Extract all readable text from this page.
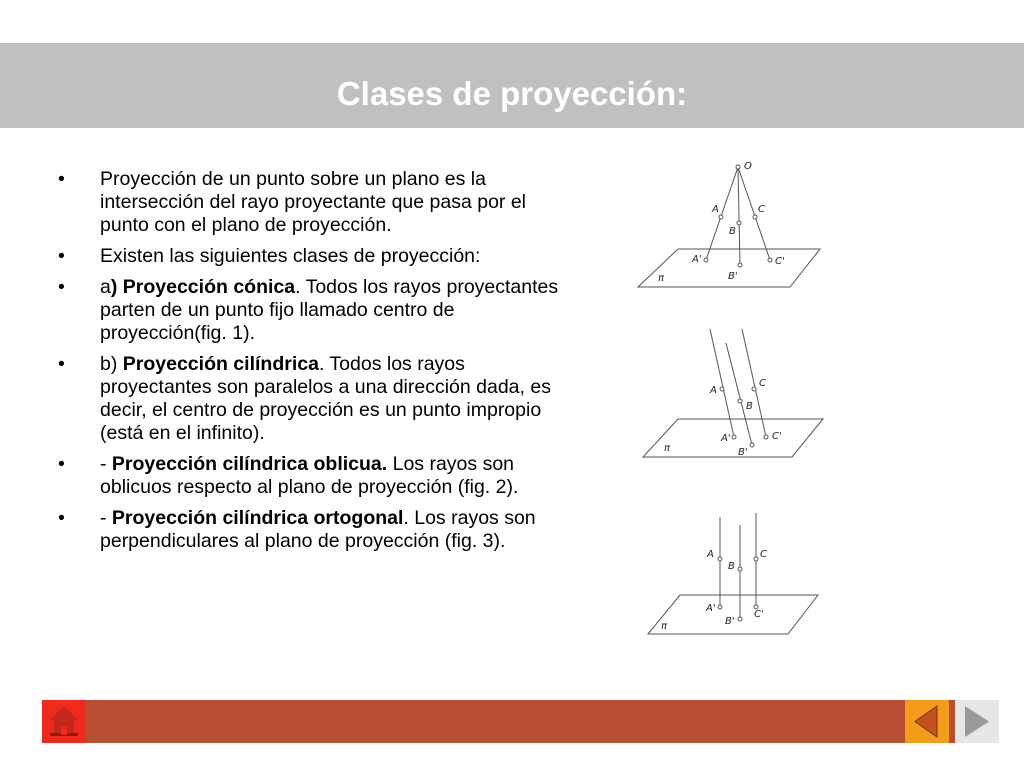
Clases de proyección:
•	Proyección de un punto sobre un plano es la intersección del rayo proyectante que pasa por el punto con el plano de proyección.
•	Existen las siguientes clases de proyección:
•	a) Proyección cónica. Todos los rayos proyectantes parten de un punto fijo llamado centro de proyección(fig. 1).
•	b) Proyección cilíndrica. Todos los rayos proyectantes son paralelos a una dirección dada, es decir, el centro de proyección es un punto impropio (está en el infinito).
•	- Proyección cilíndrica oblicua. Los rayos son oblicuos respecto al plano de proyección (fig. 2).
•	- Proyección cilíndrica ortogonal. Los rayos son perpendiculares al plano de proyección (fig. 3).
O
A
B
C
A'
B'
C'
π
A
B
C
A'
B'
C'
π
A
B
C
A'
B'
C'
π
